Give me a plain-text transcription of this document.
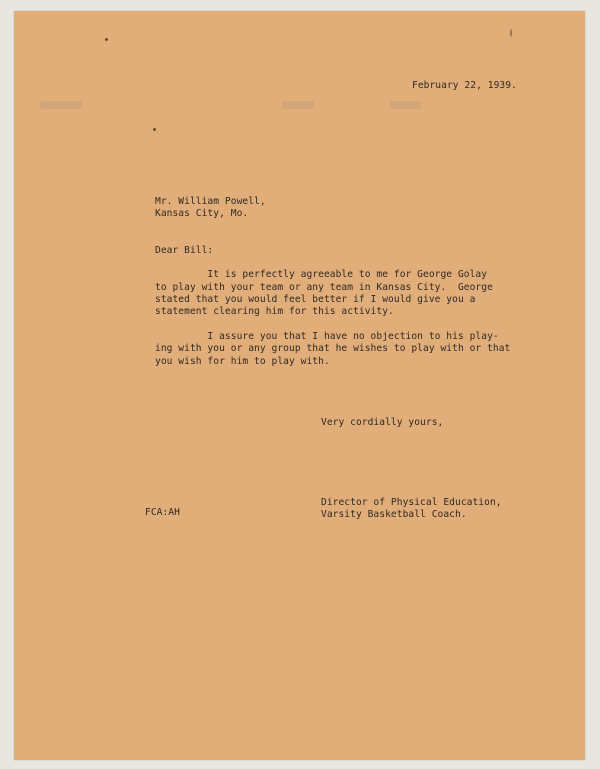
February 22, 1939.
Mr. William Powell,
Kansas City, Mo.
Dear Bill:
It is perfectly agreeable to me for George Golay
to play with your team or any team in Kansas City.  George
stated that you would feel better if I would give you a
statement clearing him for this activity.
I assure you that I have no objection to his play-
ing with you or any group that he wishes to play with or that
you wish for him to play with.
Very cordially yours,
FCA:AH
Director of Physical Education,
Varsity Basketball Coach.
